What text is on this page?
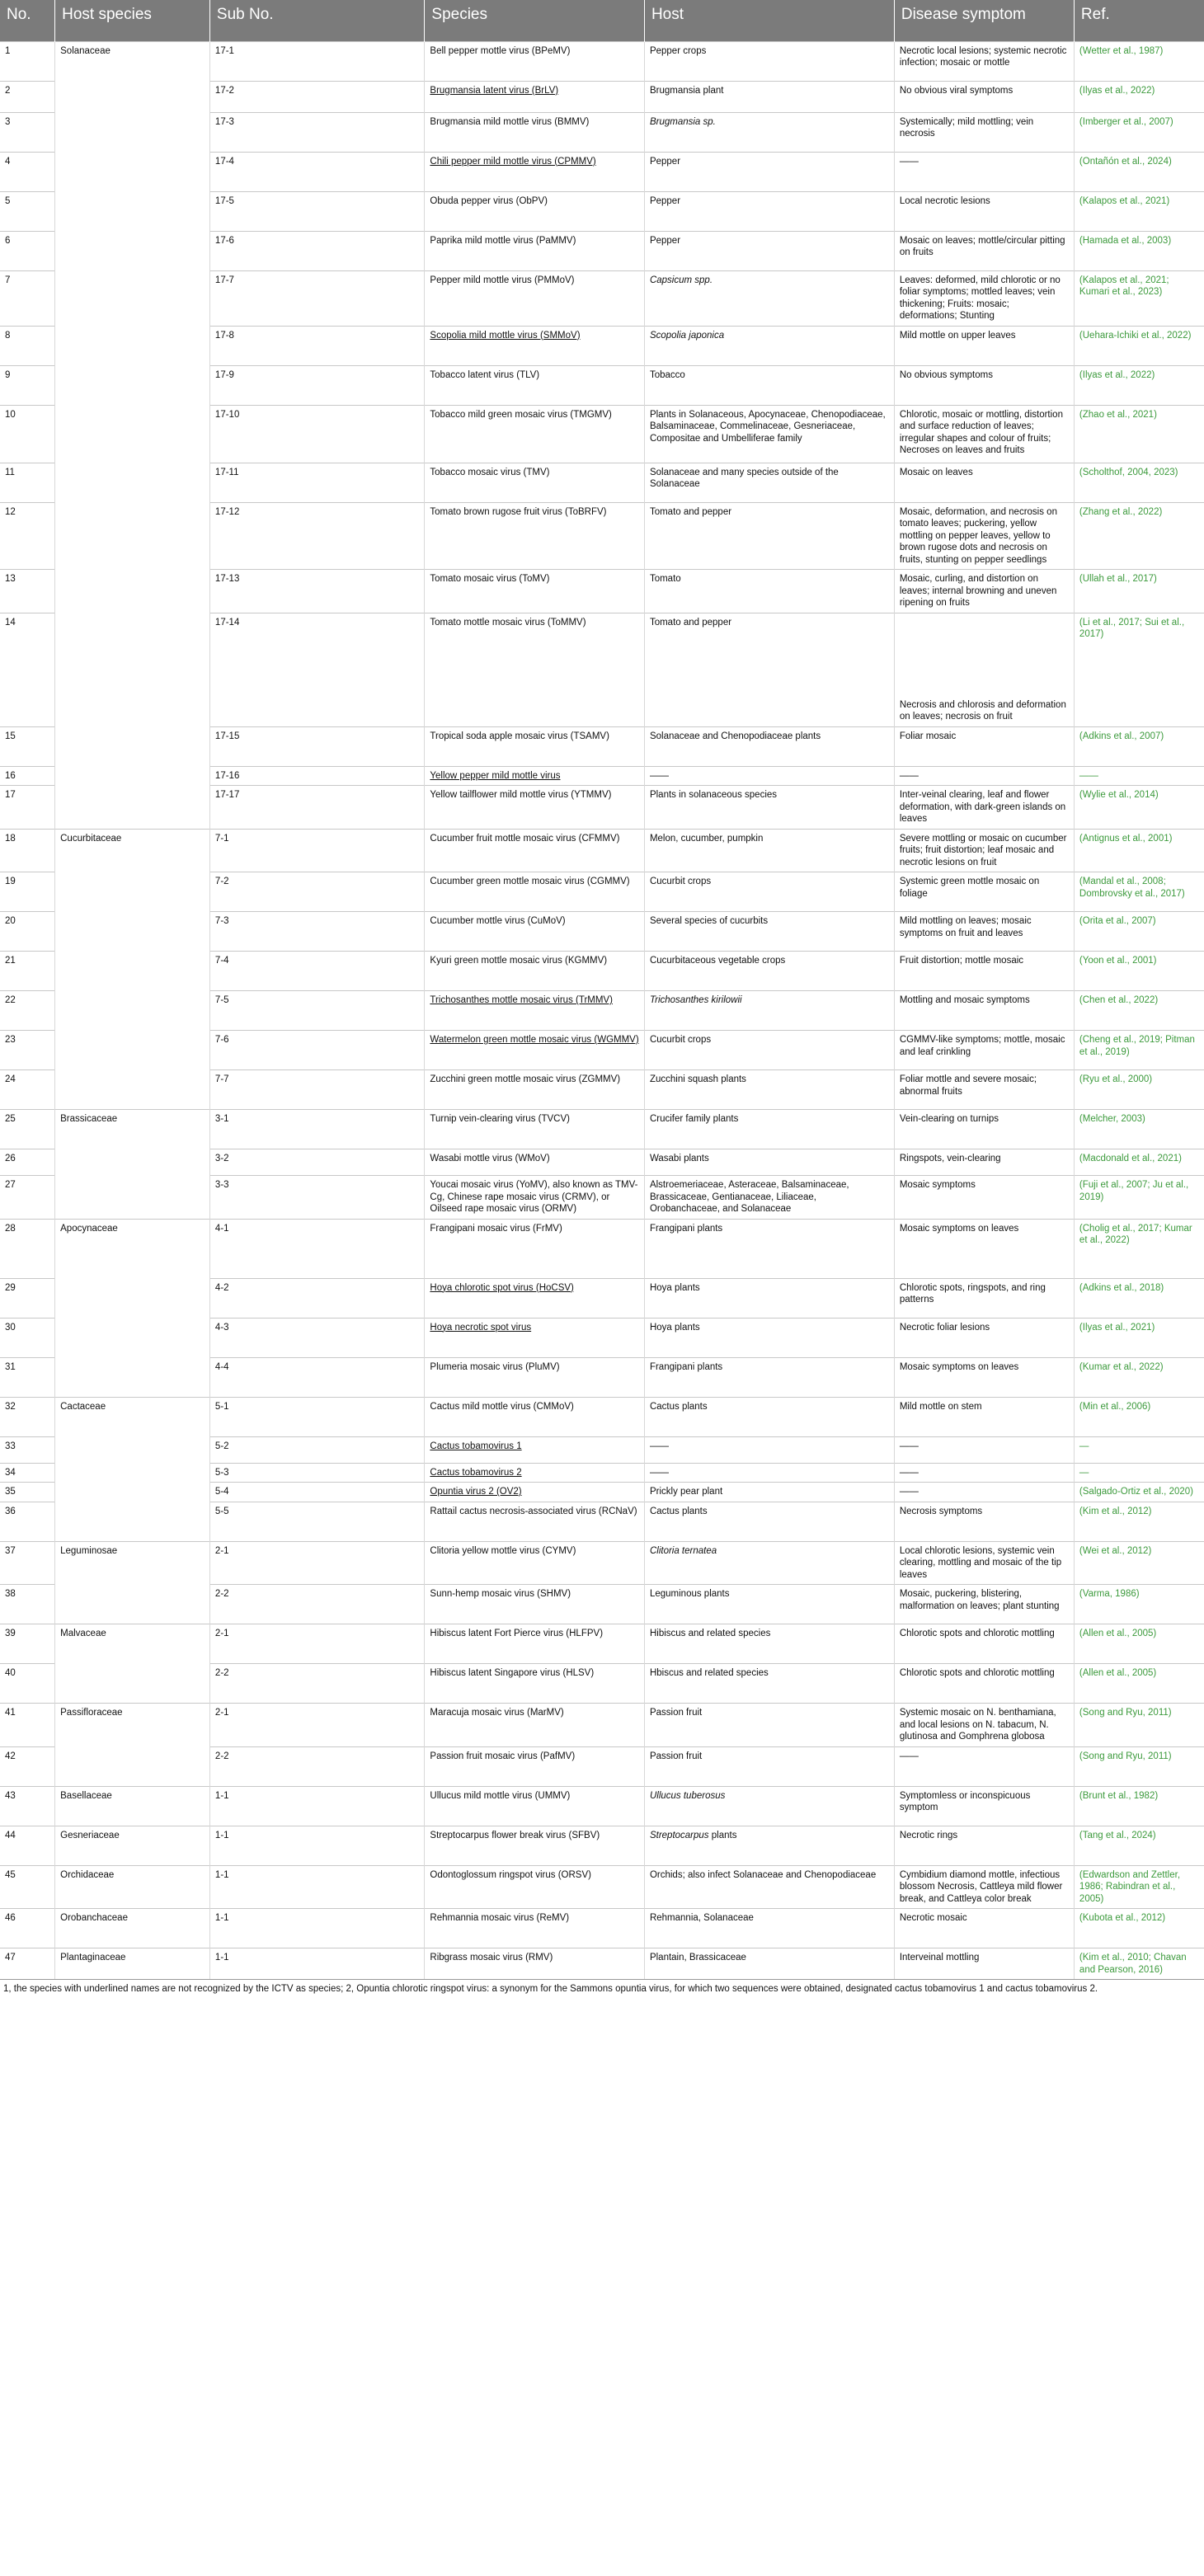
No.	Host species	Sub No.	Species	Host	Disease symptom	Ref.
1	Solanaceae	17-1	Bell pepper mottle virus (BPeMV)	Pepper crops	Necrotic local lesions; systemic necrotic infection; mosaic or mottle	(Wetter et al., 1987)
2		17-2	Brugmansia latent virus (BrLV)	Brugmansia plant	No obvious viral symptoms	(Ilyas et al., 2022)
3		17-3	Brugmansia mild mottle virus (BMMV)	Brugmansia sp.	Systemically; mild mottling; vein necrosis	(Imberger et al., 2007)
4		17-4	Chili pepper mild mottle virus (CPMMV)	Pepper	——	(Ontañón et al., 2024)
5		17-5	Obuda pepper virus (ObPV)	Pepper	Local necrotic lesions	(Kalapos et al., 2021)
6		17-6	Paprika mild mottle virus (PaMMV)	Pepper	Mosaic on leaves; mottle/circular pitting on fruits	(Hamada et al., 2003)
7		17-7	Pepper mild mottle virus (PMMoV)	Capsicum spp.	Leaves: deformed, mild chlorotic or no foliar symptoms; mottled leaves; vein thickening; Fruits: mosaic; deformations; Stunting	(Kalapos et al., 2021; Kumari et al., 2023)
8		17-8	Scopolia mild mottle virus (SMMoV)	Scopolia japonica	Mild mottle on upper leaves	(Uehara-Ichiki et al., 2022)
9		17-9	Tobacco latent virus (TLV)	Tobacco	No obvious symptoms	(Ilyas et al., 2022)
10		17-10	Tobacco mild green mosaic virus (TMGMV)	Plants in Solanaceous, Apocynaceae, Chenopodiaceae, Balsaminaceae, Commelinaceae, Gesneriaceae, Compositae and Umbelliferae family	Chlorotic, mosaic or mottling, distortion and surface reduction of leaves; irregular shapes and colour of fruits; Necroses on leaves and fruits	(Zhao et al., 2021)
11		17-11	Tobacco mosaic virus (TMV)	Solanaceae and many species outside of the Solanaceae	Mosaic on leaves	(Scholthof, 2004, 2023)
12		17-12	Tomato brown rugose fruit virus (ToBRFV)	Tomato and pepper	Mosaic, deformation, and necrosis on tomato leaves; puckering, yellow mottling on pepper leaves, yellow to brown rugose dots and necrosis on fruits, stunting on pepper seedlings	(Zhang et al., 2022)
13		17-13	Tomato mosaic virus (ToMV)	Tomato	Mosaic, curling, and distortion on leaves; internal browning and uneven ripening on fruits	(Ullah et al., 2017)
14		17-14	Tomato mottle mosaic virus (ToMMV)	Tomato and pepper	Necrosis and chlorosis and deformation on leaves; necrosis on fruit	(Li et al., 2017; Sui et al., 2017)
15		17-15	Tropical soda apple mosaic virus (TSAMV)	Solanaceae and Chenopodiaceae plants	Foliar mosaic	(Adkins et al., 2007)
16		17-16	Yellow pepper mild mottle virus	——	——	——
17		17-17	Yellow tailflower mild mottle virus (YTMMV)	Plants in solanaceous species	Inter-veinal clearing, leaf and flower deformation, with dark-green islands on leaves	(Wylie et al., 2014)
18	Cucurbitaceae	7-1	Cucumber fruit mottle mosaic virus (CFMMV)	Melon, cucumber, pumpkin	Severe mottling or mosaic on cucumber fruits; fruit distortion; leaf mosaic and necrotic lesions on fruit	(Antignus et al., 2001)
19		7-2	Cucumber green mottle mosaic virus (CGMMV)	Cucurbit crops	Systemic green mottle mosaic on foliage	(Mandal et al., 2008; Dombrovsky et al., 2017)
20		7-3	Cucumber mottle virus (CuMoV)	Several species of cucurbits	Mild mottling on leaves; mosaic symptoms on fruit and leaves	(Orita et al., 2007)
21		7-4	Kyuri green mottle mosaic virus (KGMMV)	Cucurbitaceous vegetable crops	Fruit distortion; mottle mosaic	(Yoon et al., 2001)
22		7-5	Trichosanthes mottle mosaic virus (TrMMV)	Trichosanthes kirilowii	Mottling and mosaic symptoms	(Chen et al., 2022)
23		7-6	Watermelon green mottle mosaic virus (WGMMV)	Cucurbit crops	CGMMV-like symptoms; mottle, mosaic and leaf crinkling	(Cheng et al., 2019; Pitman et al., 2019)
24		7-7	Zucchini green mottle mosaic virus (ZGMMV)	Zucchini squash plants	Foliar mottle and severe mosaic; abnormal fruits	(Ryu et al., 2000)
25	Brassicaceae	3-1	Turnip vein-clearing virus (TVCV)	Crucifer family plants	Vein-clearing on turnips	(Melcher, 2003)
26		3-2	Wasabi mottle virus (WMoV)	Wasabi plants	Ringspots, vein-clearing	(Macdonald et al., 2021)
27		3-3	Youcai mosaic virus (YoMV), also known as TMV-Cg, Chinese rape mosaic virus (CRMV), or Oilseed rape mosaic virus (ORMV)	Alstroemeriaceae, Asteraceae, Balsaminaceae, Brassicaceae, Gentianaceae, Liliaceae, Orobanchaceae, and Solanaceae	Mosaic symptoms	(Fuji et al., 2007; Ju et al., 2019)
28	Apocynaceae	4-1	Frangipani mosaic virus (FrMV)	Frangipani plants	Mosaic symptoms on leaves	(Cholig et al., 2017; Kumar et al., 2022)
29		4-2	Hoya chlorotic spot virus (HoCSV)	Hoya plants	Chlorotic spots, ringspots, and ring patterns	(Adkins et al., 2018)
30		4-3	Hoya necrotic spot virus	Hoya plants	Necrotic foliar lesions	(Ilyas et al., 2021)
31		4-4	Plumeria mosaic virus (PluMV)	Frangipani plants	Mosaic symptoms on leaves	(Kumar et al., 2022)
32	Cactaceae	5-1	Cactus mild mottle virus (CMMoV)	Cactus plants	Mild mottle on stem	(Min et al., 2006)
33		5-2	Cactus tobamovirus 1	——	——	—
34		5-3	Cactus tobamovirus 2	——	——	—
35		5-4	Opuntia virus 2 (OV2)	Prickly pear plant	——	(Salgado-Ortiz et al., 2020)
36		5-5	Rattail cactus necrosis-associated virus (RCNaV)	Cactus plants	Necrosis symptoms	(Kim et al., 2012)
37	Leguminosae	2-1	Clitoria yellow mottle virus (CYMV)	Clitoria ternatea	Local chlorotic lesions, systemic vein clearing, mottling and mosaic of the tip leaves	(Wei et al., 2012)
38		2-2	Sunn-hemp mosaic virus (SHMV)	Leguminous plants	Mosaic, puckering, blistering, malformation on leaves; plant stunting	(Varma, 1986)
39	Malvaceae	2-1	Hibiscus latent Fort Pierce virus (HLFPV)	Hibiscus and related species	Chlorotic spots and chlorotic mottling	(Allen et al., 2005)
40		2-2	Hibiscus latent Singapore virus (HLSV)	Hbiscus and related species	Chlorotic spots and chlorotic mottling	(Allen et al., 2005)
41	Passifloraceae	2-1	Maracuja mosaic virus (MarMV)	Passion fruit	Systemic mosaic on N. benthamiana, and local lesions on N. tabacum, N. glutinosa and Gomphrena globosa	(Song and Ryu, 2011)
42		2-2	Passion fruit mosaic virus (PafMV)	Passion fruit	——	(Song and Ryu, 2011)
43	Basellaceae	1-1	Ullucus mild mottle virus (UMMV)	Ullucus tuberosus	Symptomless or inconspicuous symptom	(Brunt et al., 1982)
44	Gesneriaceae	1-1	Streptocarpus flower break virus (SFBV)	Streptocarpus plants	Necrotic rings	(Tang et al., 2024)
45	Orchidaceae	1-1	Odontoglossum ringspot virus (ORSV)	Orchids; also infect Solanaceae and Chenopodiaceae	Cymbidium diamond mottle, infectious blossom Necrosis, Cattleya mild flower break, and Cattleya color break	(Edwardson and Zettler, 1986; Rabindran et al., 2005)
46	Orobanchaceae	1-1	Rehmannia mosaic virus (ReMV)	Rehmannia, Solanaceae	Necrotic mosaic	(Kubota et al., 2012)
47	Plantaginaceae	1-1	Ribgrass mosaic virus (RMV)	Plantain, Brassicaceae	Interveinal mottling	(Kim et al., 2010; Chavan and Pearson, 2016)
1, the species with underlined names are not recognized by the ICTV as species; 2, Opuntia chlorotic ringspot virus: a synonym for the Sammons opuntia virus, for which two sequences were obtained, designated cactus tobamovirus 1 and cactus tobamovirus 2.
